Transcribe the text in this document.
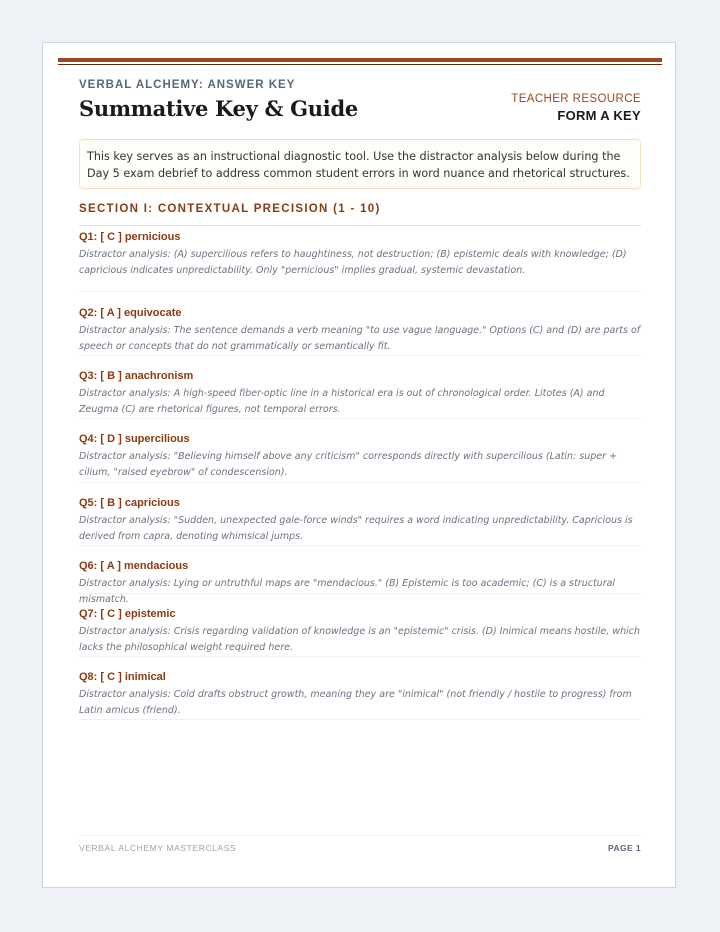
VERBAL ALCHEMY: ANSWER KEY
Summative Key & Guide	TEACHER RESOURCE
FORM A KEY
This key serves as an instructional diagnostic tool. Use the distractor analysis below during the Day 5 exam debrief to address common student errors in word nuance and rhetorical structures.
SECTION I: CONTEXTUAL PRECISION (1 - 10)
Q1: [ C ] pernicious
Distractor analysis: (A) supercilious refers to haughtiness, not destruction; (B) epistemic deals with knowledge; (D) capricious indicates unpredictability. Only "pernicious" implies gradual, systemic devastation.
Q2: [ A ] equivocate
Distractor analysis: The sentence demands a verb meaning "to use vague language." Options (C) and (D) are parts of speech or concepts that do not grammatically or semantically fit.
Q3: [ B ] anachronism
Distractor analysis: A high-speed fiber-optic line in a historical era is out of chronological order. Litotes (A) and Zeugma (C) are rhetorical figures, not temporal errors.
Q4: [ D ] supercilious
Distractor analysis: "Believing himself above any criticism" corresponds directly with supercilious (Latin: super + cilium, "raised eyebrow" of condescension).
Q5: [ B ] capricious
Distractor analysis: "Sudden, unexpected gale-force winds" requires a word indicating unpredictability. Capricious is derived from capra, denoting whimsical jumps.
Q6: [ A ] mendacious
Distractor analysis: Lying or untruthful maps are "mendacious." (B) Epistemic is too academic; (C) is a structural mismatch.
Q7: [ C ] epistemic
Distractor analysis: Crisis regarding validation of knowledge is an "epistemic" crisis. (D) Inimical means hostile, which lacks the philosophical weight required here.
Q8: [ C ] inimical
Distractor analysis: Cold drafts obstruct growth, meaning they are "inimical" (not friendly / hostile to progress) from Latin amicus (friend).
VERBAL ALCHEMY MASTERCLASS	PAGE 1
